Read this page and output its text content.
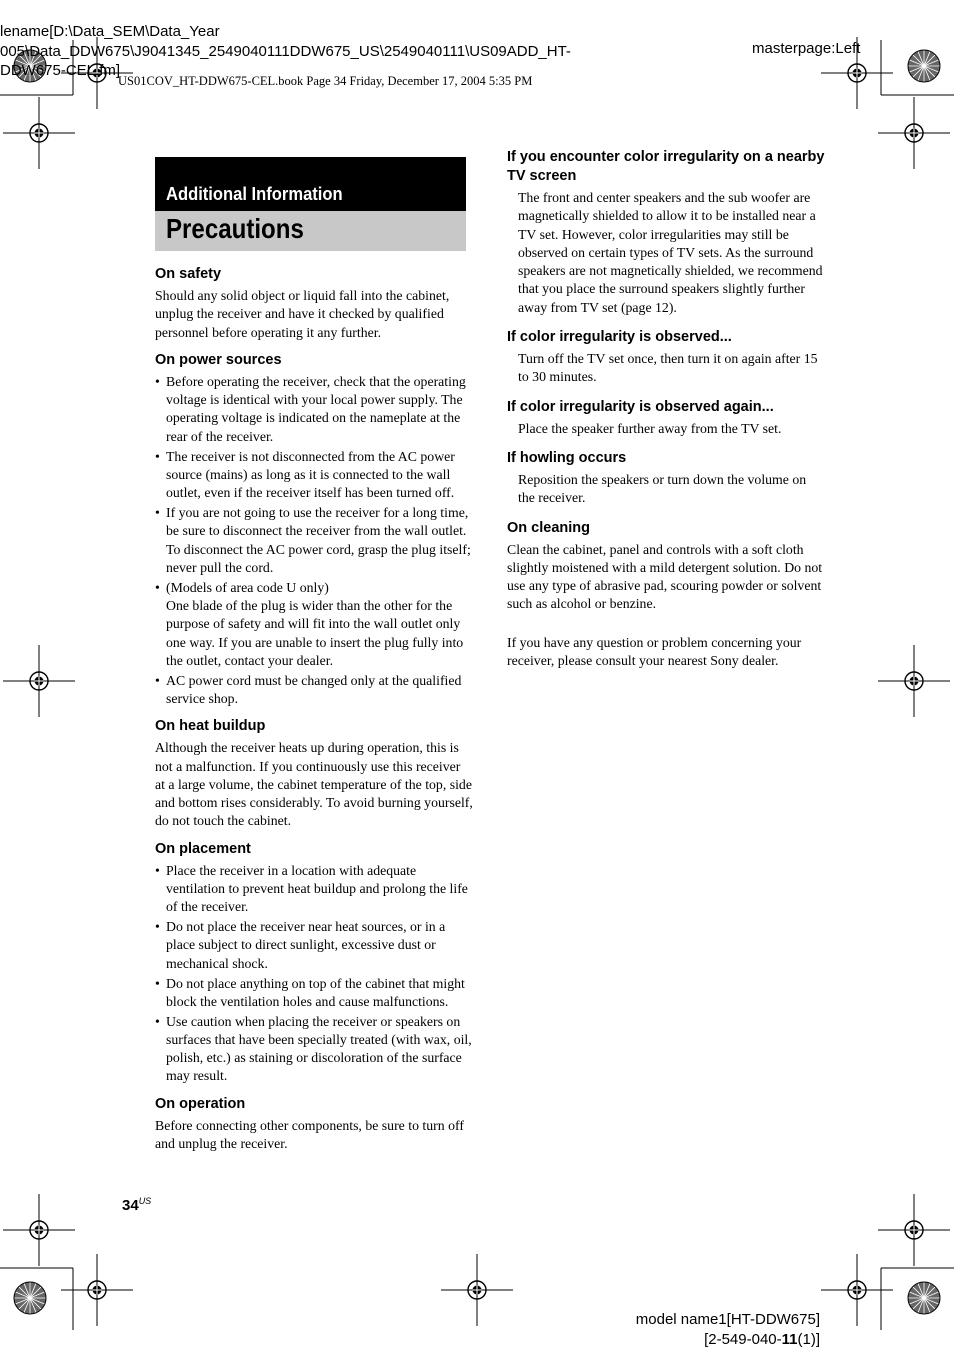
lename[D:\Data_SEM\Data_Year
005\Data_DDW675\J9041345_2549040111DDW675_US\2549040111\US09ADD_HT-
DDW675-CEL.fm]
US01COV_HT-DDW675-CEL.book Page 34 Friday, December 17, 2004 5:35 PM
masterpage:Left
Additional Information
Precautions
On safety

Should any solid object or liquid fall into the cabinet, unplug the receiver and have it checked by qualified personnel before operating it any further.

On power sources
• Before operating the receiver, check that the operating voltage is identical with your local power supply. The operating voltage is indicated on the nameplate at the rear of the receiver.
• The receiver is not disconnected from the AC power source (mains) as long as it is connected to the wall outlet, even if the receiver itself has been turned off.
• If you are not going to use the receiver for a long time, be sure to disconnect the receiver from the wall outlet. To disconnect the AC power cord, grasp the plug itself; never pull the cord.
• (Models of area code U only)
One blade of the plug is wider than the other for the purpose of safety and will fit into the wall outlet only one way. If you are unable to insert the plug fully into the outlet, contact your dealer.
• AC power cord must be changed only at the qualified service shop.
On heat buildup

Although the receiver heats up during operation, this is not a malfunction. If you continuously use this receiver at a large volume, the cabinet temperature of the top, side and bottom rises considerably. To avoid burning yourself, do not touch the cabinet.

On placement
• Place the receiver in a location with adequate ventilation to prevent heat buildup and prolong the life of the receiver.
• Do not place the receiver near heat sources, or in a place subject to direct sunlight, excessive dust or mechanical shock.
• Do not place anything on top of the cabinet that might block the ventilation holes and cause malfunctions.
• Use caution when placing the receiver or speakers on surfaces that have been specially treated (with wax, oil, polish, etc.) as staining or discoloration of the surface may result.
On operation

Before connecting other components, be sure to turn off and unplug the receiver.

If you encounter color irregularity on a nearby TV screen

The front and center speakers and the sub woofer are magnetically shielded to allow it to be installed near a TV set. However, color irregularities may still be observed on certain types of TV sets. As the surround speakers are not magnetically shielded, we recommend that you place the surround speakers slightly further away from TV set (page 12).

If color irregularity is observed...

Turn off the TV set once, then turn it on again after 15 to 30 minutes.

If color irregularity is observed again...

Place the speaker further away from the TV set.

If howling occurs

Reposition the speakers or turn down the volume on the receiver.

On cleaning

Clean the cabinet, panel and controls with a soft cloth slightly moistened with a mild detergent solution. Do not use any type of abrasive pad, scouring powder or solvent such as alcohol or benzine.

If you have any question or problem concerning your receiver, please consult your nearest Sony dealer.

$34^{US}$
model name1[HT-DDW675]
[2-549-040-11(1)]
